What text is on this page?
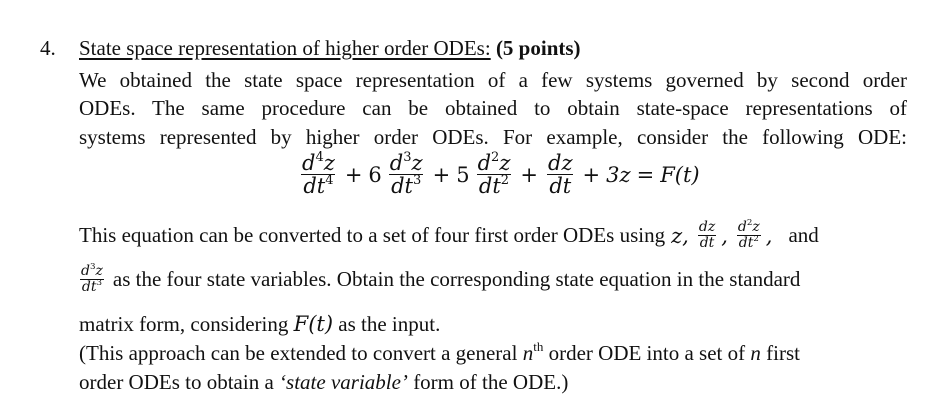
4. State space representation of higher order ODEs: (5 points)
We obtained the state space representation of a few systems governed by second order
ODEs. The same procedure can be obtained to obtain state-space representations of
systems represented by higher order ODEs. For example, consider the following ODE:
$\frac{d^4z}{dt^4} + 6 \frac{d^3z}{dt^3} + 5 \frac{d^2z}{dt^2} + \frac{dz}{dt} + 3z = F(t)$
This equation can be converted to a set of four first order ODEs using z, $\frac{dz}{dt}$ , $\frac{d^2z}{dt^2}$ , and
$\frac{d^3z}{dt^3}$ as the four state variables. Obtain the corresponding state equation in the standard
matrix form, considering F(t) as the input.
(This approach can be extended to convert a general $n^{th}$ order ODE into a set of n first
order ODEs to obtain a ‘state variable’ form of the ODE.)
